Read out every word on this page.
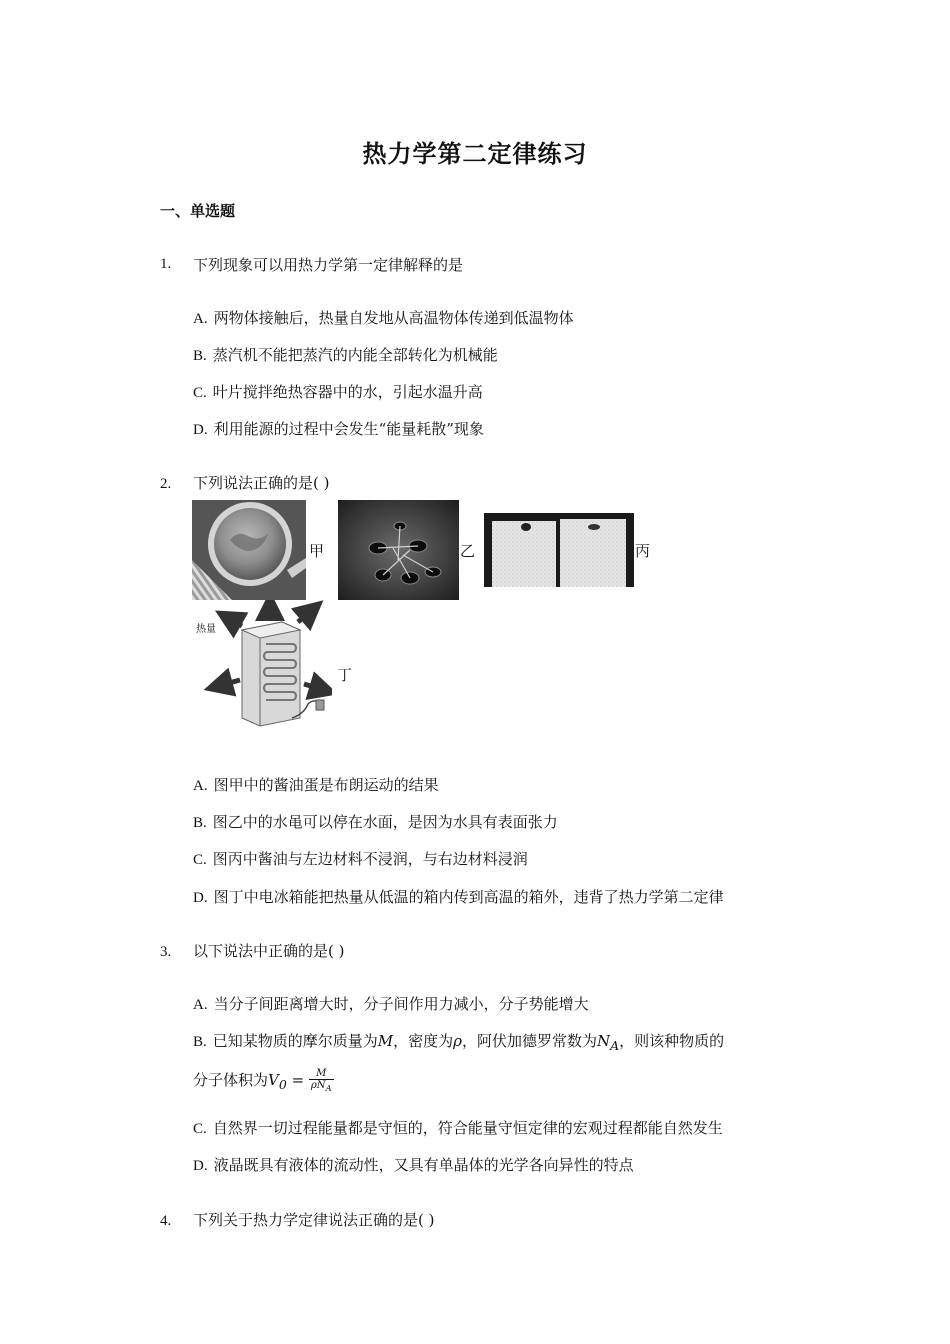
热力学第二定律练习
一、单选题
1. 下列现象可以用热力学第一定律解释的是
A. 两物体接触后，热量自发地从高温物体传递到低温物体
B. 蒸汽机不能把蒸汽的内能全部转化为机械能
C. 叶片搅拌绝热容器中的水，引起水温升高
D. 利用能源的过程中会发生“能量耗散”现象
2. 下列说法正确的是( )
甲	乙	丙
热量
丁
A. 图甲中的酱油蛋是布朗运动的结果
B. 图乙中的水黾可以停在水面，是因为水具有表面张力
C. 图丙中酱油与左边材料不浸润，与右边材料浸润
D. 图丁中电冰箱能把热量从低温的箱内传到高温的箱外，违背了热力学第二定律
3. 以下说法中正确的是( )
A. 当分子间距离增大时，分子间作用力减小，分子势能增大
B. 已知某物质的摩尔质量为M，密度为ρ，阿伏加德罗常数为$N_A$，则该种物质的
分子体积为$V_0 = \frac{M}{\rho N_A}$
C. 自然界一切过程能量都是守恒的，符合能量守恒定律的宏观过程都能自然发生
D. 液晶既具有液体的流动性，又具有单晶体的光学各向异性的特点
4. 下列关于热力学定律说法正确的是( )
